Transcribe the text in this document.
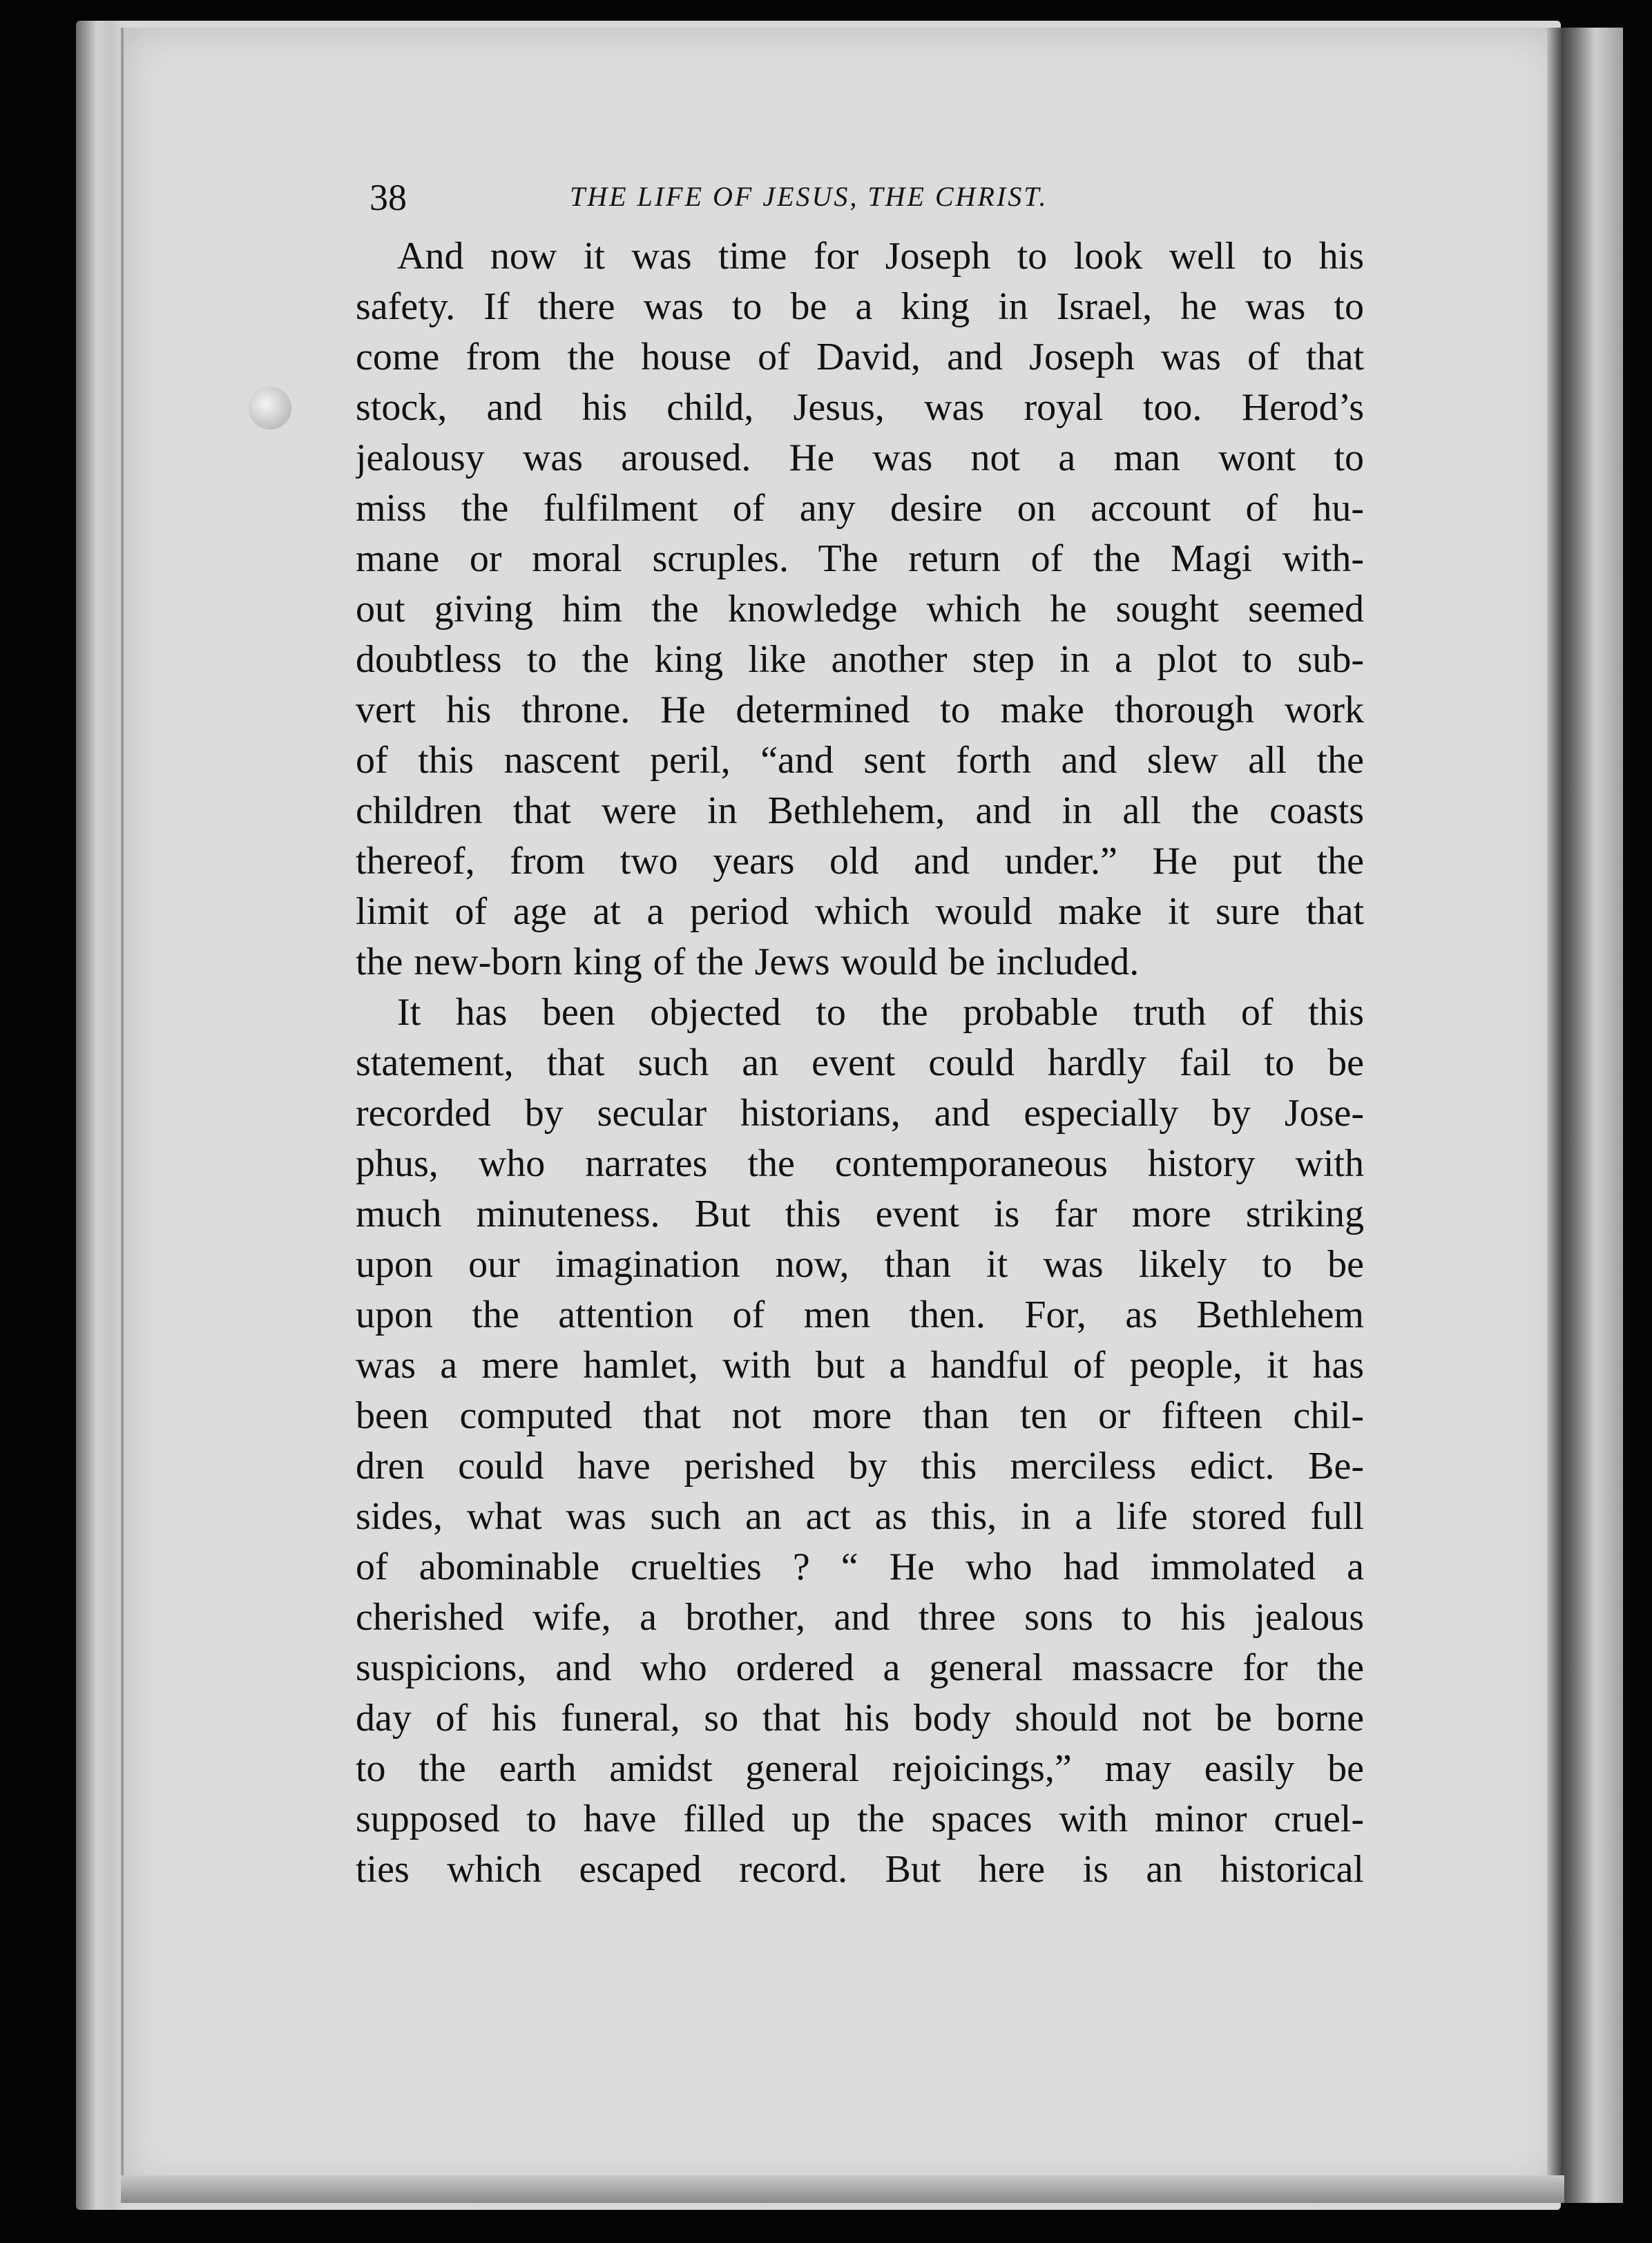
38	THE LIFE OF JESUS, THE CHRIST.
And now it was time for Joseph to look well to his
safety. If there was to be a king in Israel, he was to
come from the house of David, and Joseph was of that
stock, and his child, Jesus, was royal too. Herod’s
jealousy was aroused. He was not a man wont to
miss the fulfilment of any desire on account of hu-
mane or moral scruples. The return of the Magi with-
out giving him the knowledge which he sought seemed
doubtless to the king like another step in a plot to sub-
vert his throne. He determined to make thorough work
of this nascent peril, “and sent forth and slew all the
children that were in Bethlehem, and in all the coasts
thereof, from two years old and under.” He put the
limit of age at a period which would make it sure that
the new-born king of the Jews would be included.
It has been objected to the probable truth of this
statement, that such an event could hardly fail to be
recorded by secular historians, and especially by Jose-
phus, who narrates the contemporaneous history with
much minuteness. But this event is far more striking
upon our imagination now, than it was likely to be
upon the attention of men then. For, as Bethlehem
was a mere hamlet, with but a handful of people, it has
been computed that not more than ten or fifteen chil-
dren could have perished by this merciless edict. Be-
sides, what was such an act as this, in a life stored full
of abominable cruelties ? “ He who had immolated a
cherished wife, a brother, and three sons to his jealous
suspicions, and who ordered a general massacre for the
day of his funeral, so that his body should not be borne
to the earth amidst general rejoicings,” may easily be
supposed to have filled up the spaces with minor cruel-
ties which escaped record. But here is an historical
